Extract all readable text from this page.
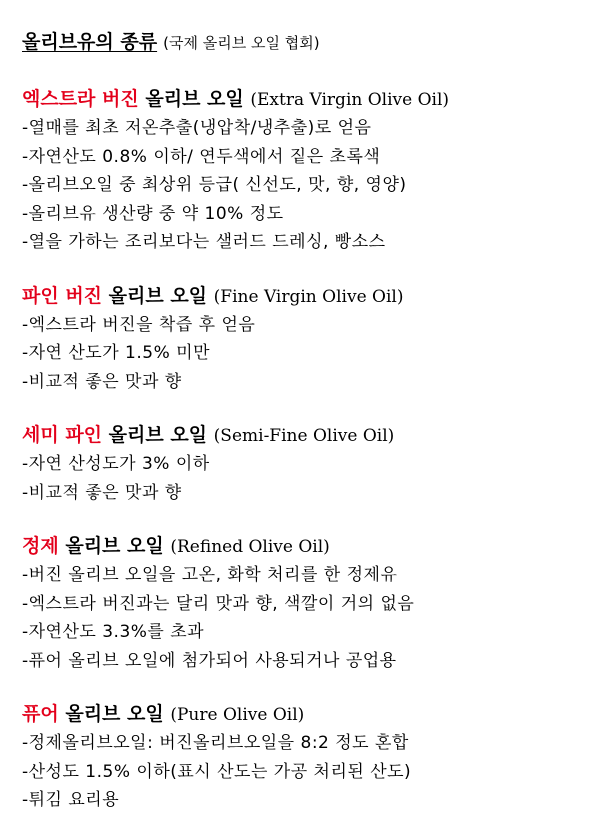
올리브유의 종류 (국제 올리브 오일 협회)
엑스트라 버진 올리브 오일 (Extra Virgin Olive Oil)
-열매를 최초 저온추출(냉압착/냉추출)로 얻음
-자연산도 0.8% 이하/ 연두색에서 짙은 초록색
-올리브오일 중 최상위 등급( 신선도, 맛, 향, 영양)
-올리브유 생산량 중 약 10% 정도
-열을 가하는 조리보다는 샐러드 드레싱, 빵소스
파인 버진 올리브 오일 (Fine Virgin Olive Oil)
-엑스트라 버진을 착즙 후 얻음
-자연 산도가 1.5% 미만
-비교적 좋은 맛과 향
세미 파인 올리브 오일 (Semi-Fine Olive Oil)
-자연 산성도가 3% 이하
-비교적 좋은 맛과 향
정제 올리브 오일 (Refined Olive Oil)
-버진 올리브 오일을 고온, 화학 처리를 한 정제유
-엑스트라 버진과는 달리 맛과 향, 색깔이 거의 없음
-자연산도 3.3%를 초과
-퓨어 올리브 오일에 첨가되어 사용되거나 공업용
퓨어 올리브 오일 (Pure Olive Oil)
-정제올리브오일: 버진올리브오일을 8:2 정도 혼합
-산성도 1.5% 이하(표시 산도는 가공 처리된 산도)
-튀김 요리용
